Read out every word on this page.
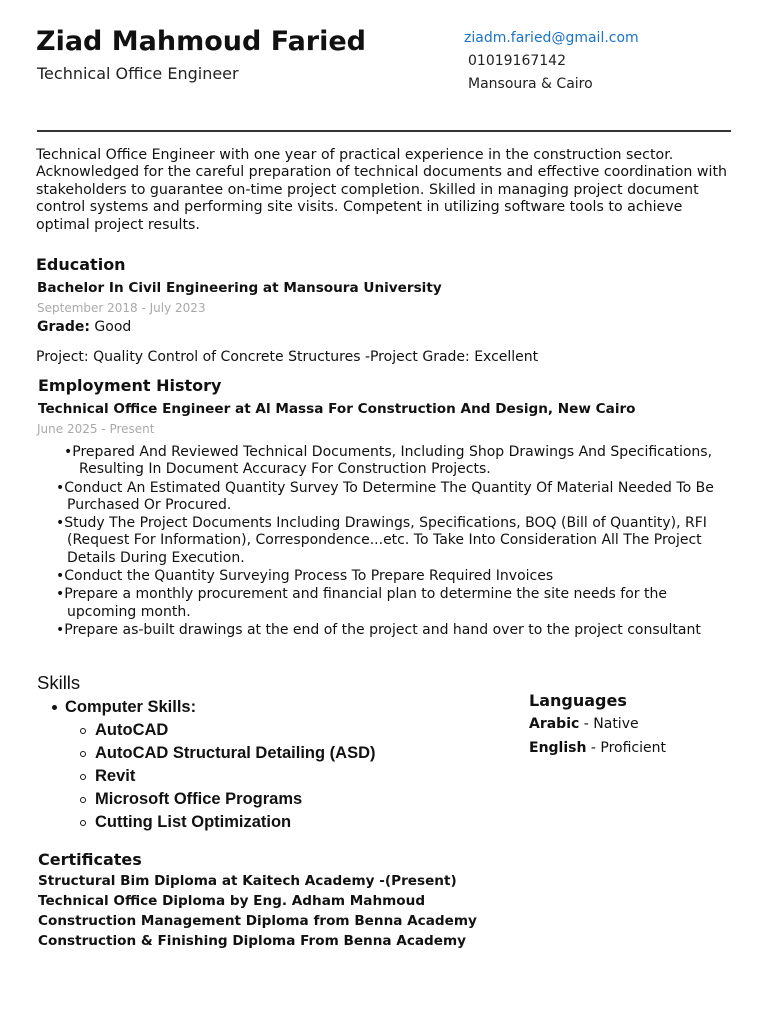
Ziad Mahmoud Faried
Technical Office Engineer
ziadm.faried@gmail.com
01019167142
Mansoura & Cairo
Technical Office Engineer with one year of practical experience in the construction sector. Acknowledged for the careful preparation of technical documents and effective coordination with stakeholders to guarantee on-time project completion. Skilled in managing project document control systems and performing site visits. Competent in utilizing software tools to achieve optimal project results.
Education
Bachelor In Civil Engineering at Mansoura University
September 2018 - July 2023
Grade: Good
Project: Quality Control of Concrete Structures -Project Grade: Excellent
Employment History
Technical Office Engineer at Al Massa For Construction And Design, New Cairo
June 2025 - Present
•Prepared And Reviewed Technical Documents, Including Shop Drawings And Specifications, Resulting In Document Accuracy For Construction Projects.
•Conduct An Estimated Quantity Survey To Determine The Quantity Of Material Needed To Be Purchased Or Procured.
•Study The Project Documents Including Drawings, Specifications, BOQ (Bill of Quantity), RFI (Request For Information), Correspondence...etc. To Take Into Consideration All The Project Details During Execution.
•Conduct the Quantity Surveying Process To Prepare Required Invoices
•Prepare a monthly procurement and financial plan to determine the site needs for the upcoming month.
•Prepare as-built drawings at the end of the project and hand over to the project consultant
Skills
Computer Skills:
AutoCAD
AutoCAD Structural Detailing (ASD)
Revit
Microsoft Office Programs
Cutting List Optimization
Languages
Arabic - Native
English - Proficient
Certificates
Structural Bim Diploma at Kaitech Academy -(Present)
Technical Office Diploma by Eng. Adham Mahmoud
Construction Management Diploma from Benna Academy
Construction & Finishing Diploma From Benna Academy
